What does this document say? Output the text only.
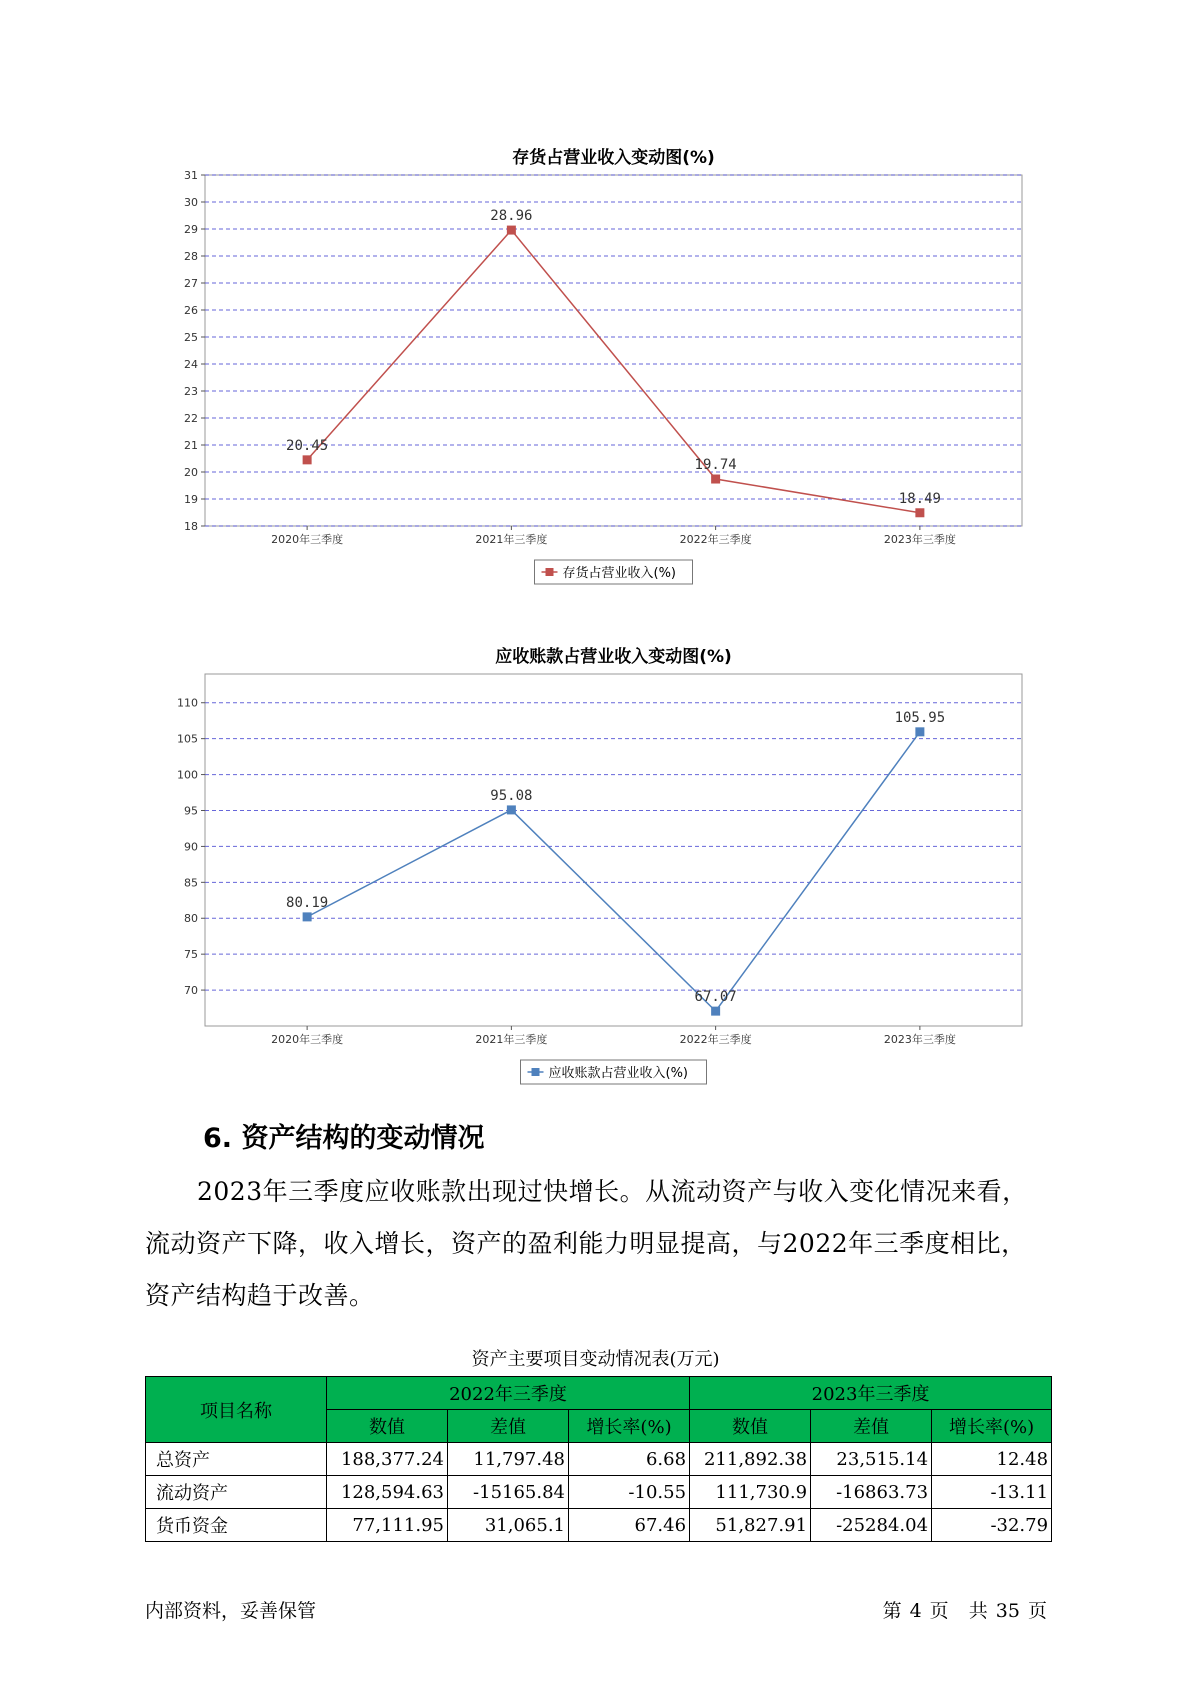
存货占营业收入变动图(%)
18
19
20
21
22
23
24
25
26
27
28
29
30
31
2020年三季度	2021年三季度	2022年三季度	2023年三季度
20.45
28.96
19.74
18.49
存货占营业收入(%)
应收账款占营业收入变动图(%)
70
75
80
85
90
95
100
105
110
2020年三季度	2021年三季度	2022年三季度	2023年三季度
80.19
95.08
67.07
105.95
应收账款占营业收入(%)
6. 资产结构的变动情况

2023年三季度应收账款出现过快增长。从流动资产与收入变化情况来看，流动资产下降，收入增长，资产的盈利能力明显提高，与2022年三季度相比，资产结构趋于改善。

资产主要项目变动情况表(万元)

项目名称	2022年三季度			2023年三季度		
	数值	差值	增长率(%)	数值	差值	增长率(%)
总资产	188,377.24	11,797.48	6.68	211,892.38	23,515.14	12.48
流动资产	128,594.63	-15165.84	-10.55	111,730.9	-16863.73	-13.11
货币资金	77,111.95	31,065.1	67.46	51,827.91	-25284.04	-32.79

内部资料，妥善保管	第 4 页 共 35 页
